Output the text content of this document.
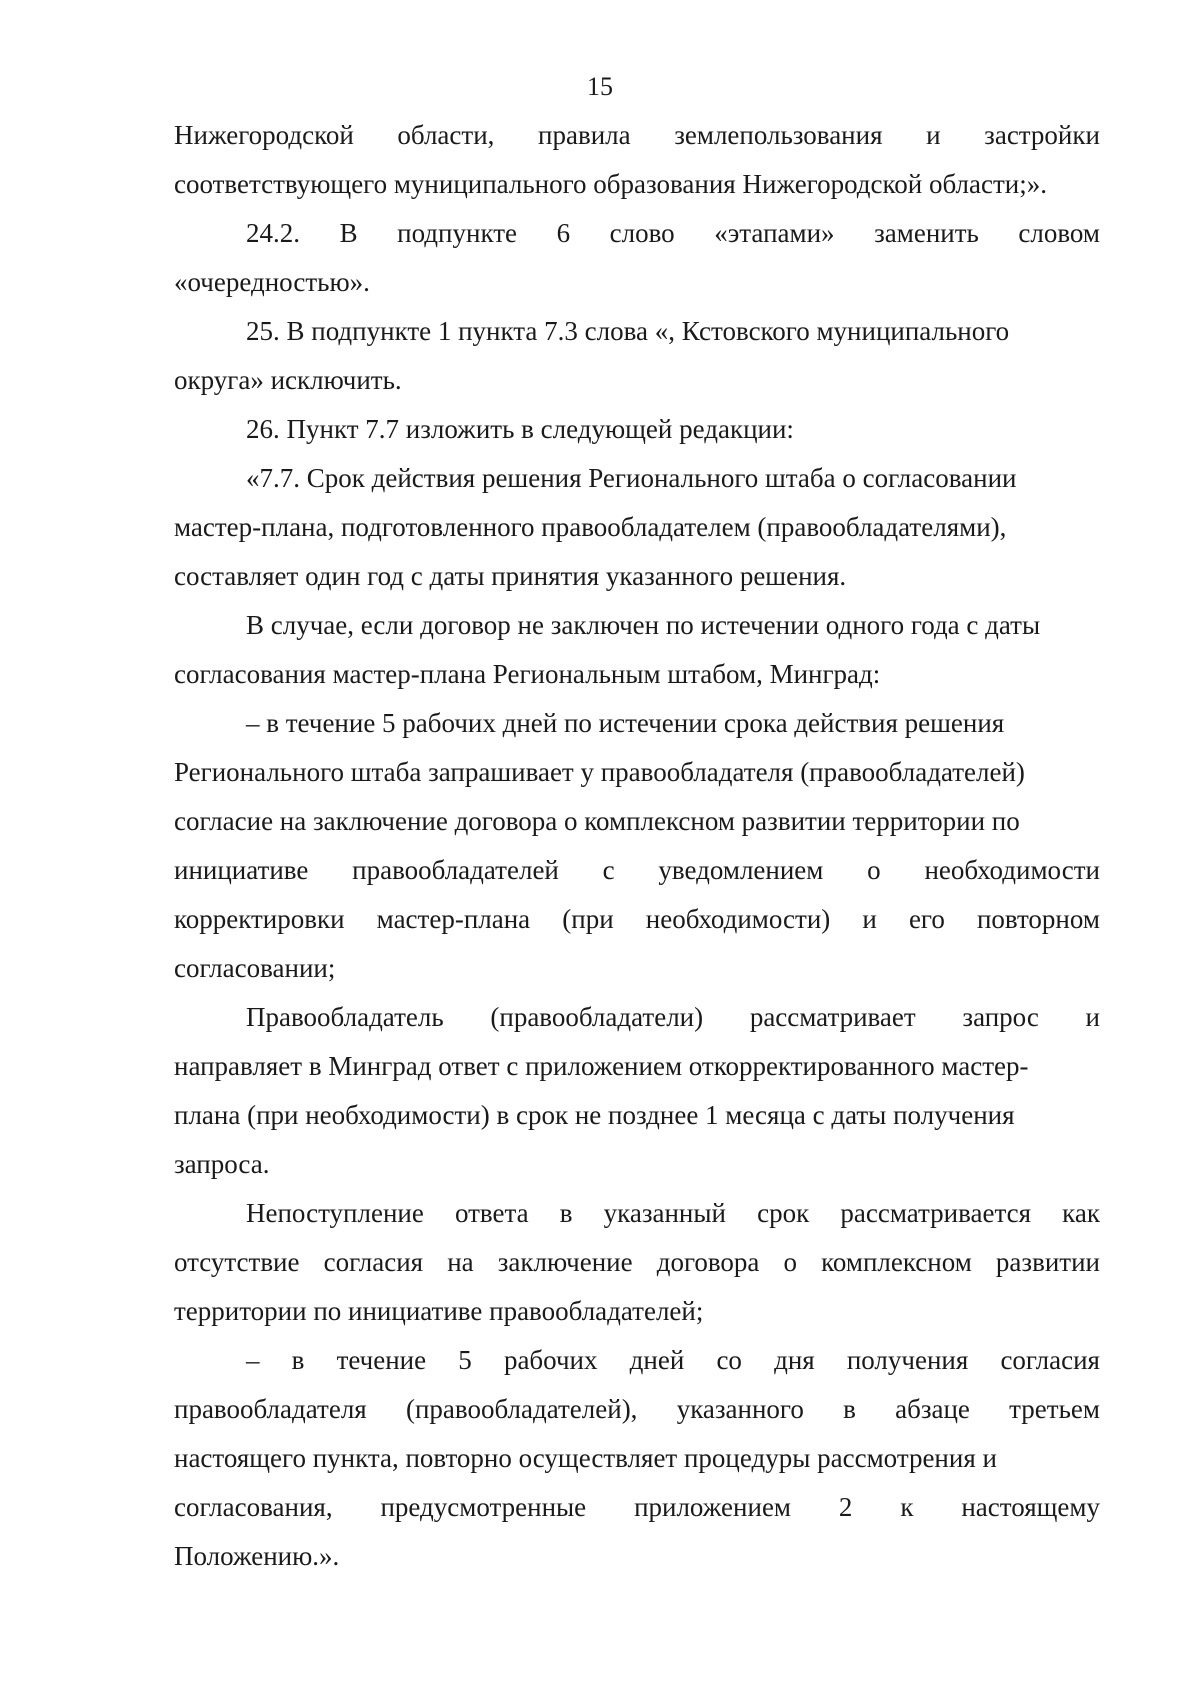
15
Нижегородской области, правила землепользования и застройки
соответствующего муниципального образования Нижегородской области;».
24.2. В подпункте 6 слово «этапами» заменить словом
«очередностью».
25. В подпункте 1 пункта 7.3 слова «, Кстовского муниципального
округа» исключить.
26. Пункт 7.7 изложить в следующей редакции:
«7.7. Срок действия решения Регионального штаба о согласовании
мастер-плана, подготовленного правообладателем (правообладателями),
составляет один год с даты принятия указанного решения.
В случае, если договор не заключен по истечении одного года с даты
согласования мастер-плана Региональным штабом, Минград:
– в течение 5 рабочих дней по истечении срока действия решения
Регионального штаба запрашивает у правообладателя (правообладателей)
согласие на заключение договора о комплексном развитии территории по
инициативе правообладателей с уведомлением о необходимости
корректировки мастер-плана (при необходимости) и его повторном
согласовании;
Правообладатель (правообладатели) рассматривает запрос и
направляет в Минград ответ с приложением откорректированного мастер-
плана (при необходимости) в срок не позднее 1 месяца с даты получения
запроса.
Непоступление ответа в указанный срок рассматривается как
отсутствие согласия на заключение договора о комплексном развитии
территории по инициативе правообладателей;
– в течение 5 рабочих дней со дня получения согласия
правообладателя (правообладателей), указанного в абзаце третьем
настоящего пункта, повторно осуществляет процедуры рассмотрения и
согласования, предусмотренные приложением 2 к настоящему
Положению.».
